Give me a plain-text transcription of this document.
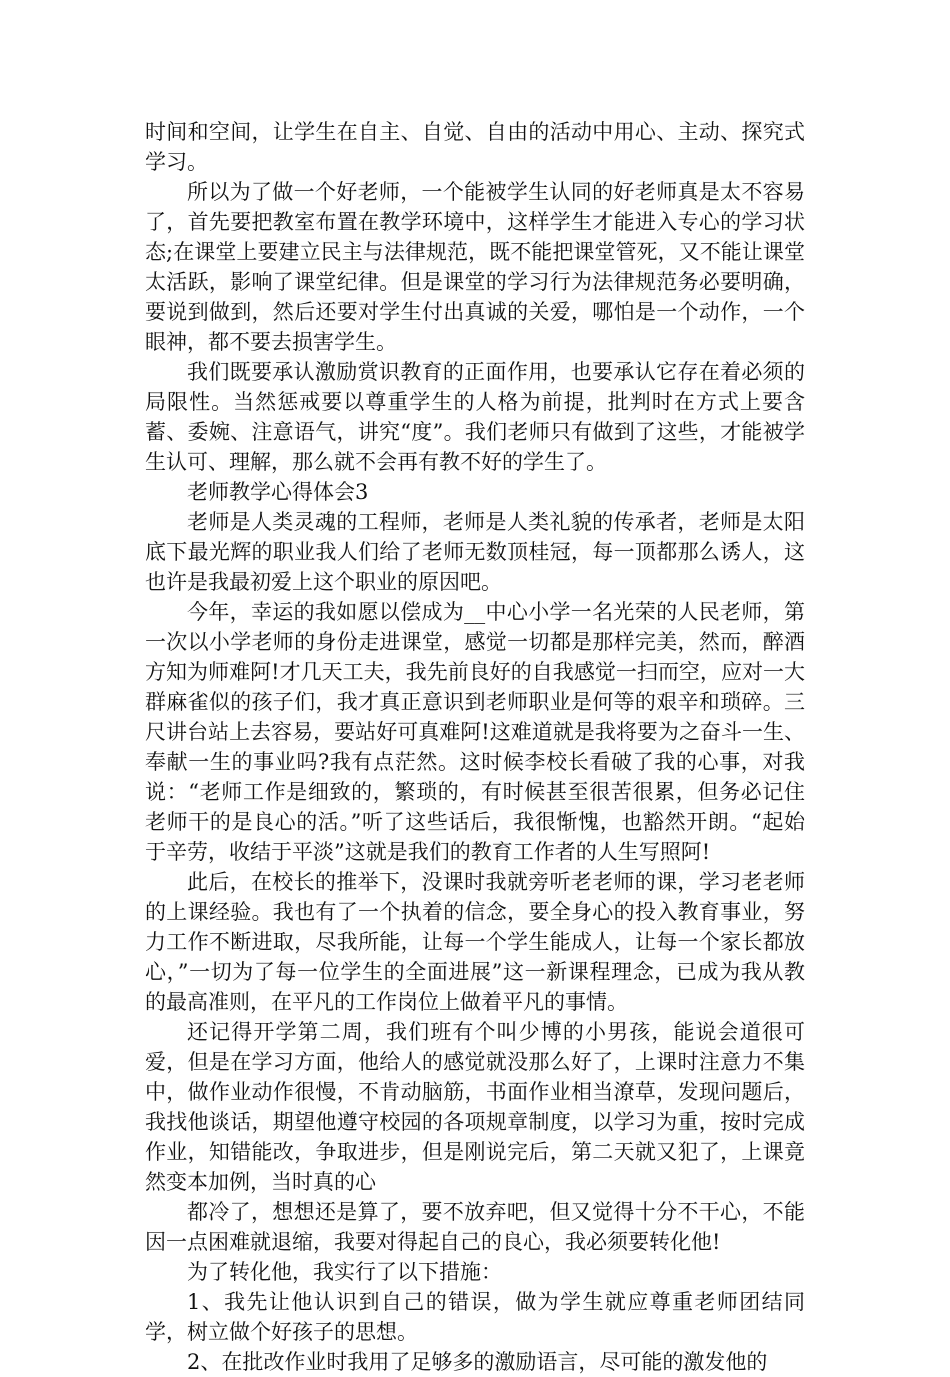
时间和空间，让学生在自主、自觉、自由的活动中用心、主动、探究式学习。

所以为了做一个好老师，一个能被学生认同的好老师真是太不容易了，首先要把教室布置在教学环境中，这样学生才能进入专心的学习状态;在课堂上要建立民主与法律规范，既不能把课堂管死，又不能让课堂太活跃，影响了课堂纪律。但是课堂的学习行为法律规范务必要明确，要说到做到，然后还要对学生付出真诚的关爱，哪怕是一个动作，一个眼神，都不要去损害学生。

我们既要承认激励赏识教育的正面作用，也要承认它存在着必须的局限性。当然惩戒要以尊重学生的人格为前提，批判时在方式上要含蓄、委婉、注意语气，讲究“度”。我们老师只有做到了这些，才能被学生认可、理解，那么就不会再有教不好的学生了。

老师教学心得体会3

老师是人类灵魂的工程师，老师是人类礼貌的传承者，老师是太阳底下最光辉的职业我人们给了老师无数顶桂冠，每一顶都那么诱人，这也许是我最初爱上这个职业的原因吧。

今年，幸运的我如愿以偿成为__中心小学一名光荣的人民老师，第一次以小学老师的身份走进课堂，感觉一切都是那样完美，然而，醉酒方知为师难阿!才几天工夫，我先前良好的自我感觉一扫而空，应对一大群麻雀似的孩子们，我才真正意识到老师职业是何等的艰辛和琐碎。三尺讲台站上去容易，要站好可真难阿!这难道就是我将要为之奋斗一生、奉献一生的事业吗?我有点茫然。这时候李校长看破了我的心事，对我说：“老师工作是细致的，繁琐的，有时候甚至很苦很累，但务必记住老师干的是良心的活。”听了这些话后，我很惭愧，也豁然开朗。“起始于辛劳，收结于平淡”这就是我们的教育工作者的人生写照阿!

此后，在校长的推举下，没课时我就旁听老老师的课，学习老老师的上课经验。我也有了一个执着的信念，要全身心的投入教育事业，努力工作不断进取，尽我所能，让每一个学生能成人，让每一个家长都放心，”一切为了每一位学生的全面进展”这一新课程理念，已成为我从教的最高准则，在平凡的工作岗位上做着平凡的事情。

还记得开学第二周，我们班有个叫少博的小男孩，能说会道很可爱，但是在学习方面，他给人的感觉就没那么好了，上课时注意力不集中，做作业动作很慢，不肯动脑筋，书面作业相当潦草，发现问题后，我找他谈话，期望他遵守校园的各项规章制度，以学习为重，按时完成作业，知错能改，争取进步，但是刚说完后，第二天就又犯了，上课竟然变本加例，当时真的心

都冷了，想想还是算了，要不放弃吧，但又觉得十分不干心，不能因一点困难就退缩，我要对得起自己的良心，我必须要转化他!

为了转化他，我实行了以下措施：

1、我先让他认识到自己的错误，做为学生就应尊重老师团结同学，树立做个好孩子的思想。

2、在批改作业时我用了足够多的激励语言，尽可能的激发他的
